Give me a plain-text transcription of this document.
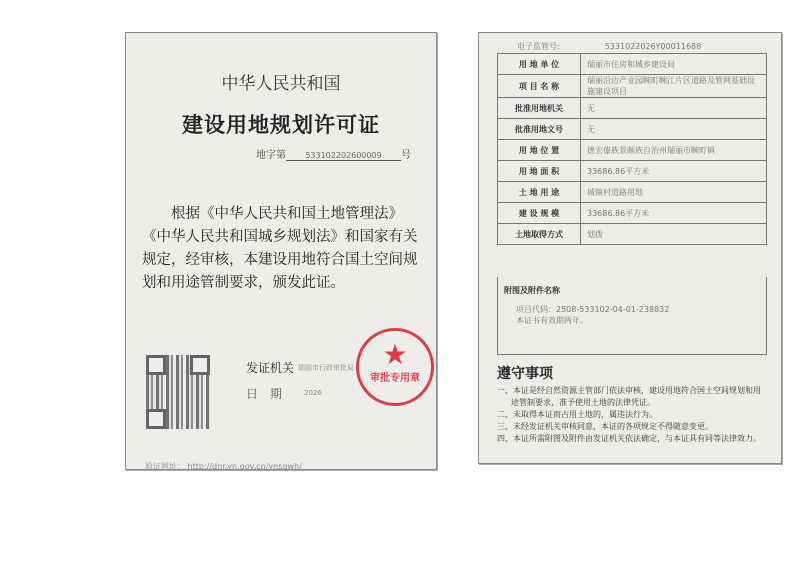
中华人民共和国
建设用地规划许可证
地字第 533102202600009 号
根据《中华人民共和国土地管理法》《中华人民共和国城乡规划法》和国家有关规定，经审核，本建设用地符合国土空间规划和用途管制要求，颁发此证。
发证机关 瑞丽市行政审批局
日　期	2026
★
审批专用章
验证网址： http://dnr.yn.gov.cn/ynsgwh/
电子监管号:	5331022026Y00011688
用 地 单 位	瑞丽市住房和城乡建设局
项 目 名 称	瑞丽沿边产业园畹町畹江片区道路及管网基础设施建设项目
批准用地机关	无
批准用地文号	无
用 地 位 置	德宏傣族景颇族自治州瑞丽市畹町镇
用 地 面 积	33686.86平方米
土 地 用 途	城镇村道路用地
建 设 规 模	33686.86平方米
土地取得方式	划拨
附图及附件名称
项目代码：2508-533102-04-01-238832
本证书有效期两年。
遵守事项
一、本证是经自然资源主管部门依法审核，建设用地符合国土空间规划和用途管制要求，准予使用土地的法律凭证。
二、未取得本证而占用土地的，属违法行为。
三、未经发证机关审核同意，本证的各项规定不得随意变更。
四、本证所需附图及附件由发证机关依法确定，与本证具有同等法律效力。
